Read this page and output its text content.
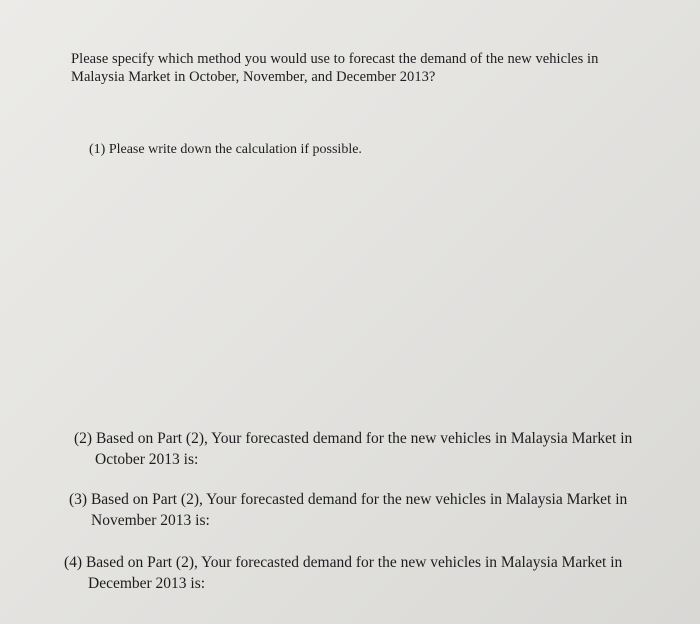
Please specify which method you would use to forecast the demand of the new vehicles in
Malaysia Market in October, November, and December 2013?
(1) Please write down the calculation if possible.
(2) Based on Part (2), Your forecasted demand for the new vehicles in Malaysia Market in
October 2013 is:
(3) Based on Part (2), Your forecasted demand for the new vehicles in Malaysia Market in
November 2013 is:
(4) Based on Part (2), Your forecasted demand for the new vehicles in Malaysia Market in
December 2013 is:
